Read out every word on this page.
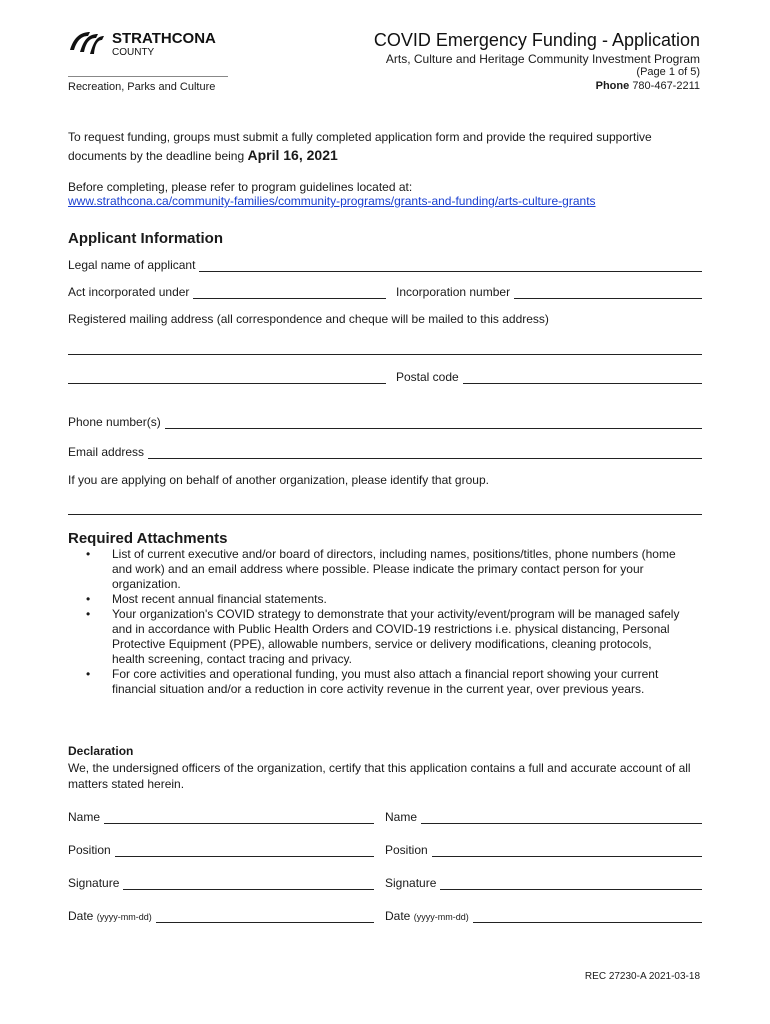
STRATHCONA
COUNTY
COVID Emergency Funding - Application
Arts, Culture and Heritage Community Investment Program
(Page 1 of 5)
Phone 780-467-2211
Recreation, Parks and Culture
To request funding, groups must submit a fully completed application form and provide the required supportive documents by the deadline being April 16, 2021
Before completing, please refer to program guidelines located at:
www.strathcona.ca/community-families/community-programs/grants-and-funding/arts-culture-grants
Applicant Information
Legal name of applicant
Act incorporated under	Incorporation number
Registered mailing address (all correspondence and cheque will be mailed to this address)
Postal code
Phone number(s)
Email address
If you are applying on behalf of another organization, please identify that group.
Required Attachments
• List of current executive and/or board of directors, including names, positions/titles, phone numbers (home and work) and an email address where possible. Please indicate the primary contact person for your organization.
• Most recent annual financial statements.
• Your organization's COVID strategy to demonstrate that your activity/event/program will be managed safely and in accordance with Public Health Orders and COVID-19 restrictions i.e. physical distancing, Personal Protective Equipment (PPE), allowable numbers, service or delivery modifications, cleaning protocols, health screening, contact tracing and privacy.
• For core activities and operational funding, you must also attach a financial report showing your current financial situation and/or a reduction in core activity revenue in the current year, over previous years.
Declaration
We, the undersigned officers of the organization, certify that this application contains a full and accurate account of all matters stated herein.
Name	Name
Position	Position
Signature	Signature
Date (yyyy-mm-dd)	Date (yyyy-mm-dd)
REC 27230-A 2021-03-18
